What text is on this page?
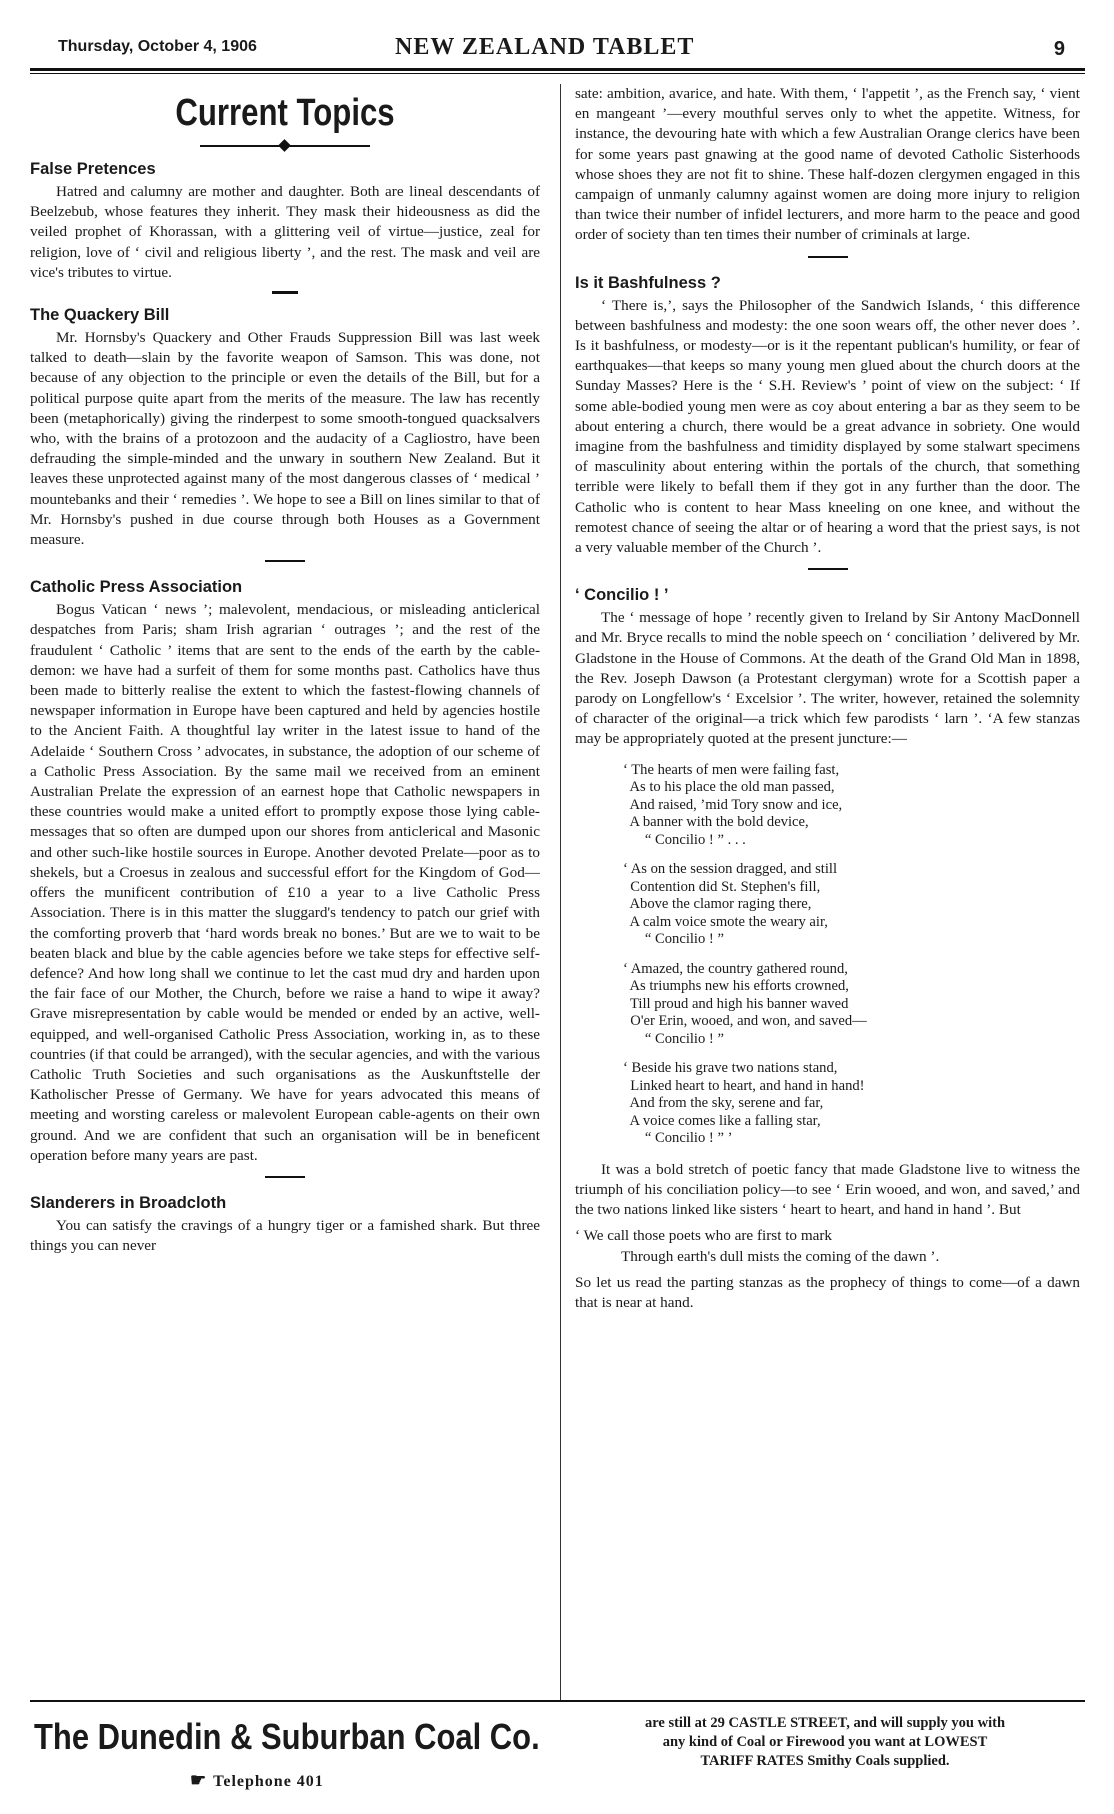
Thursday, October 4, 1906	NEW ZEALAND TABLET	9
Current Topics
False Pretences

Hatred and calumny are mother and daughter. Both are lineal descendants of Beelzebub, whose features they inherit. They mask their hideousness as did the veiled prophet of Khorassan, with a glittering veil of virtue—justice, zeal for religion, love of ‘ civil and religious liberty ’, and the rest. The mask and veil are vice's tributes to virtue.

The Quackery Bill

Mr. Hornsby's Quackery and Other Frauds Suppression Bill was last week talked to death—slain by the favorite weapon of Samson. This was done, not because of any objection to the principle or even the details of the Bill, but for a political purpose quite apart from the merits of the measure. The law has recently been (metaphorically) giving the rinderpest to some smooth-tongued quacksalvers who, with the brains of a protozoon and the audacity of a Cagliostro, have been defrauding the simple-minded and the unwary in southern New Zealand. But it leaves these unprotected against many of the most dangerous classes of ‘ medical ’ mountebanks and their ‘ remedies ’. We hope to see a Bill on lines similar to that of Mr. Hornsby's pushed in due course through both Houses as a Government measure.

Catholic Press Association

Bogus Vatican ‘ news ’; malevolent, mendacious, or misleading anticlerical despatches from Paris; sham Irish agrarian ‘ outrages ’; and the rest of the fraudulent ‘ Catholic ’ items that are sent to the ends of the earth by the cable-demon: we have had a surfeit of them for some months past. Catholics have thus been made to bitterly realise the extent to which the fastest-flowing channels of newspaper information in Europe have been captured and held by agencies hostile to the Ancient Faith. A thoughtful lay writer in the latest issue to hand of the Adelaide ‘ Southern Cross ’ advocates, in substance, the adoption of our scheme of a Catholic Press Association. By the same mail we received from an eminent Australian Prelate the expression of an earnest hope that Catholic newspapers in these countries would make a united effort to promptly expose those lying cable-messages that so often are dumped upon our shores from anticlerical and Masonic and other such-like hostile sources in Europe. Another devoted Prelate—poor as to shekels, but a Croesus in zealous and successful effort for the Kingdom of God—offers the munificent contribution of £10 a year to a live Catholic Press Association. There is in this matter the sluggard's tendency to patch our grief with the comforting proverb that ‘hard words break no bones.’ But are we to wait to be beaten black and blue by the cable agencies before we take steps for effective self-defence? And how long shall we continue to let the cast mud dry and harden upon the fair face of our Mother, the Church, before we raise a hand to wipe it away? Grave misrepresentation by cable would be mended or ended by an active, well-equipped, and well-organised Catholic Press Association, working in, as to these countries (if that could be arranged), with the secular agencies, and with the various Catholic Truth Societies and such organisations as the Auskunftstelle der Katholischer Presse of Germany. We have for years advocated this means of meeting and worsting careless or malevolent European cable-agents on their own ground. And we are confident that such an organisation will be in beneficent operation before many years are past.

Slanderers in Broadcloth

You can satisfy the cravings of a hungry tiger or a famished shark. But three things you can never

sate: ambition, avarice, and hate. With them, ‘ l'appetit ’, as the French say, ‘ vient en mangeant ’—every mouthful serves only to whet the appetite. Witness, for instance, the devouring hate with which a few Australian Orange clerics have been for some years past gnawing at the good name of devoted Catholic Sisterhoods whose shoes they are not fit to shine. These half-dozen clergymen engaged in this campaign of unmanly calumny against women are doing more injury to religion than twice their number of infidel lecturers, and more harm to the peace and good order of society than ten times their number of criminals at large.

Is it Bashfulness ?

‘ There is,’, says the Philosopher of the Sandwich Islands, ‘ this difference between bashfulness and modesty: the one soon wears off, the other never does ’. Is it bashfulness, or modesty—or is it the repentant publican's humility, or fear of earthquakes—that keeps so many young men glued about the church doors at the Sunday Masses? Here is the ‘ S.H. Review's ’ point of view on the subject: ‘ If some able-bodied young men were as coy about entering a bar as they seem to be about entering a church, there would be a great advance in sobriety. One would imagine from the bashfulness and timidity displayed by some stalwart specimens of masculinity about entering within the portals of the church, that something terrible were likely to befall them if they got in any further than the door. The Catholic who is content to hear Mass kneeling on one knee, and without the remotest chance of seeing the altar or of hearing a word that the priest says, is not a very valuable member of the Church ’.

‘ Concilio ! ’

The ‘ message of hope ’ recently given to Ireland by Sir Antony MacDonnell and Mr. Bryce recalls to mind the noble speech on ‘ conciliation ’ delivered by Mr. Gladstone in the House of Commons. At the death of the Grand Old Man in 1898, the Rev. Joseph Dawson (a Protestant clergyman) wrote for a Scottish paper a parody on Longfellow's ‘ Excelsior ’. The writer, however, retained the solemnity of character of the original—a trick which few parodists ‘ larn ’. ‘A few stanzas may be appropriately quoted at the present juncture:—

‘ The hearts of men were failing fast,
As to his place the old man passed,
And raised, ’mid Tory snow and ice,
A banner with the bold device,
“ Concilio ! ” . . .
‘ As on the session dragged, and still
Contention did St. Stephen's fill,
Above the clamor raging there,
A calm voice smote the weary air,
“ Concilio ! ”
‘ Amazed, the country gathered round,
As triumphs new his efforts crowned,
Till proud and high his banner waved
O'er Erin, wooed, and won, and saved—
“ Concilio ! ”
‘ Beside his grave two nations stand,
Linked heart to heart, and hand in hand!
And from the sky, serene and far,
A voice comes like a falling star,
“ Concilio ! ” ’

It was a bold stretch of poetic fancy that made Gladstone live to witness the triumph of his conciliation policy—to see ‘ Erin wooed, and won, and saved,’ and the two nations linked like sisters ‘ heart to heart, and hand in hand ’. But

‘ We call those poets who are first to mark

Through earth's dull mists the coming of the dawn ’.

So let us read the parting stanzas as the prophecy of things to come—of a dawn that is near at hand.

The Dunedin & Suburban Coal Co.
☛ Telephone 401
are still at 29 CASTLE STREET, and will supply you with
any kind of Coal or Firewood you want at LOWEST
TARIFF RATES Smithy Coals supplied.
